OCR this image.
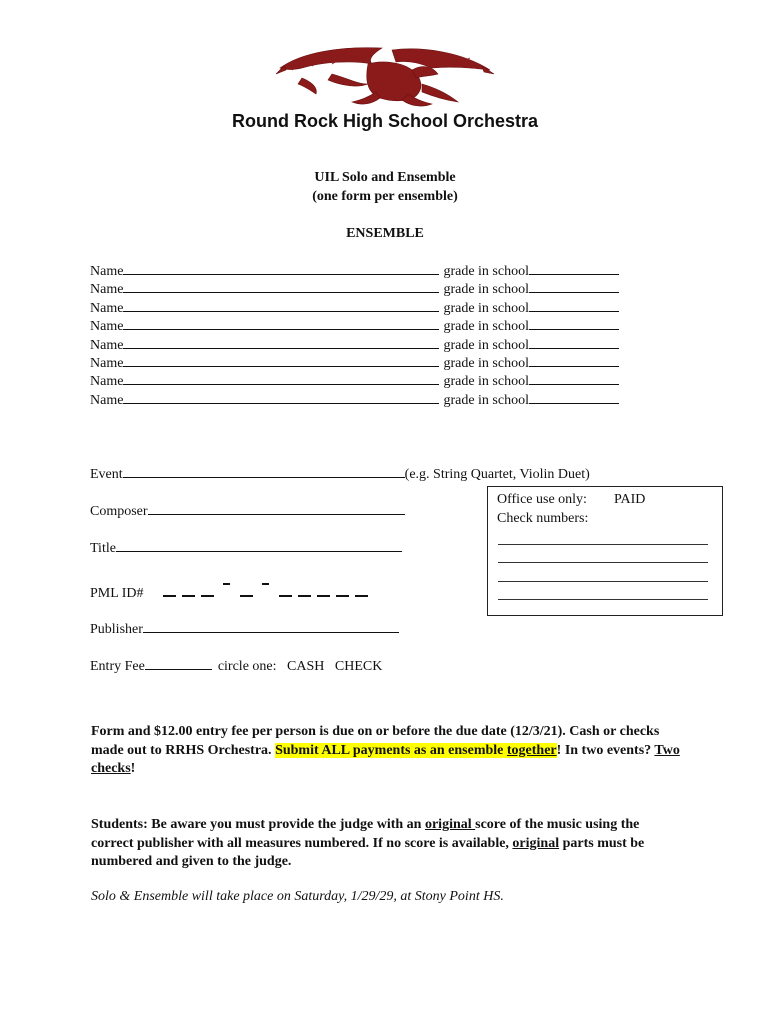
Round Rock High School Orchestra
UIL Solo and Ensemble
(one form per ensemble)
ENSEMBLE
Name	grade in school
Name	grade in school
Name	grade in school
Name	grade in school
Name	grade in school
Name	grade in school
Name	grade in school
Name	grade in school
Event	(e.g. String Quartet, Violin Duet)
Composer
Title
PML ID#
Publisher
Entry Fee	circle one: CASH CHECK
Office use only: PAID
Check numbers:
Form and $12.00 entry fee per person is due on or before the due date (12/3/21). Cash or checks made out to RRHS Orchestra. Submit ALL payments as an ensemble together! In two events? Two checks!
Students: Be aware you must provide the judge with an original score of the music using the correct publisher with all measures numbered. If no score is available, original parts must be numbered and given to the judge.
Solo & Ensemble will take place on Saturday, 1/29/29, at Stony Point HS.
